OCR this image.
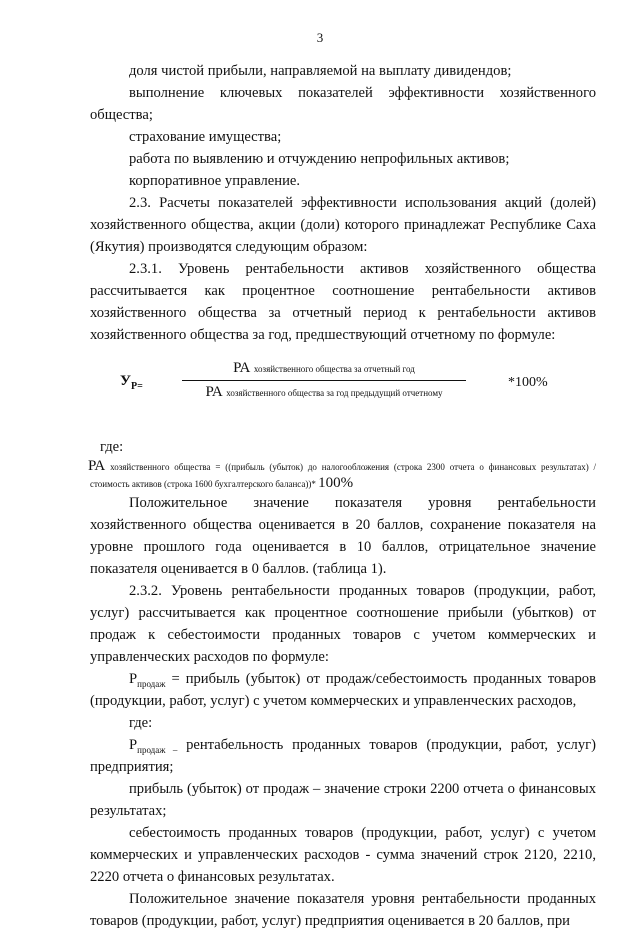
3

доля чистой прибыли, направляемой на выплату дивидендов;

выполнение ключевых показателей эффективности хозяйственного общества;

страхование имущества;

работа по выявлению и отчуждению непрофильных активов;

корпоративное управление.

2.3. Расчеты показателей эффективности использования акций (долей) хозяйственного общества, акции (доли) которого принадлежат Республике Саха (Якутия) производятся следующим образом:

2.3.1. Уровень рентабельности активов хозяйственного общества рассчитывается как процентное соотношение рентабельности активов хозяйственного общества за отчетный период к рентабельности активов хозяйственного общества за год, предшествующий отчетному по формуле:

$У_{Р=}$
РА хозяйственного общества за отчетный год
РА хозяйственного общества за год предыдущий отчетному
*100%

где:

РА хозяйственного общества = ((прибыль (убыток) до налогообложения (строка 2300 отчета о финансовых результатах) / стоимость активов (строка 1600 бухгалтерского баланса))* 100%

Положительное значение показателя уровня рентабельности хозяйственного общества оценивается в 20 баллов, сохранение показателя на уровне прошлого года оценивается в 10 баллов, отрицательное значение показателя оценивается в 0 баллов. (таблица 1).

2.3.2. Уровень рентабельности проданных товаров (продукции, работ, услуг) рассчитывается как процентное соотношение прибыли (убытков) от продаж к себестоимости проданных товаров с учетом коммерческих и управленческих расходов по формуле:

$Р_{продаж}$ = прибыль (убыток) от продаж/себестоимость проданных товаров (продукции, работ, услуг) с учетом коммерческих и управленческих расходов,

где:

$Р_{продаж -}$ рентабельность проданных товаров (продукции, работ, услуг) предприятия;

прибыль (убыток) от продаж – значение строки 2200 отчета о финансовых результатах;

себестоимость проданных товаров (продукции, работ, услуг) с учетом коммерческих и управленческих расходов - сумма значений строк 2120, 2210, 2220 отчета о финансовых результатах.

Положительное значение показателя уровня рентабельности проданных товаров (продукции, работ, услуг) предприятия оценивается в 20 баллов, при
